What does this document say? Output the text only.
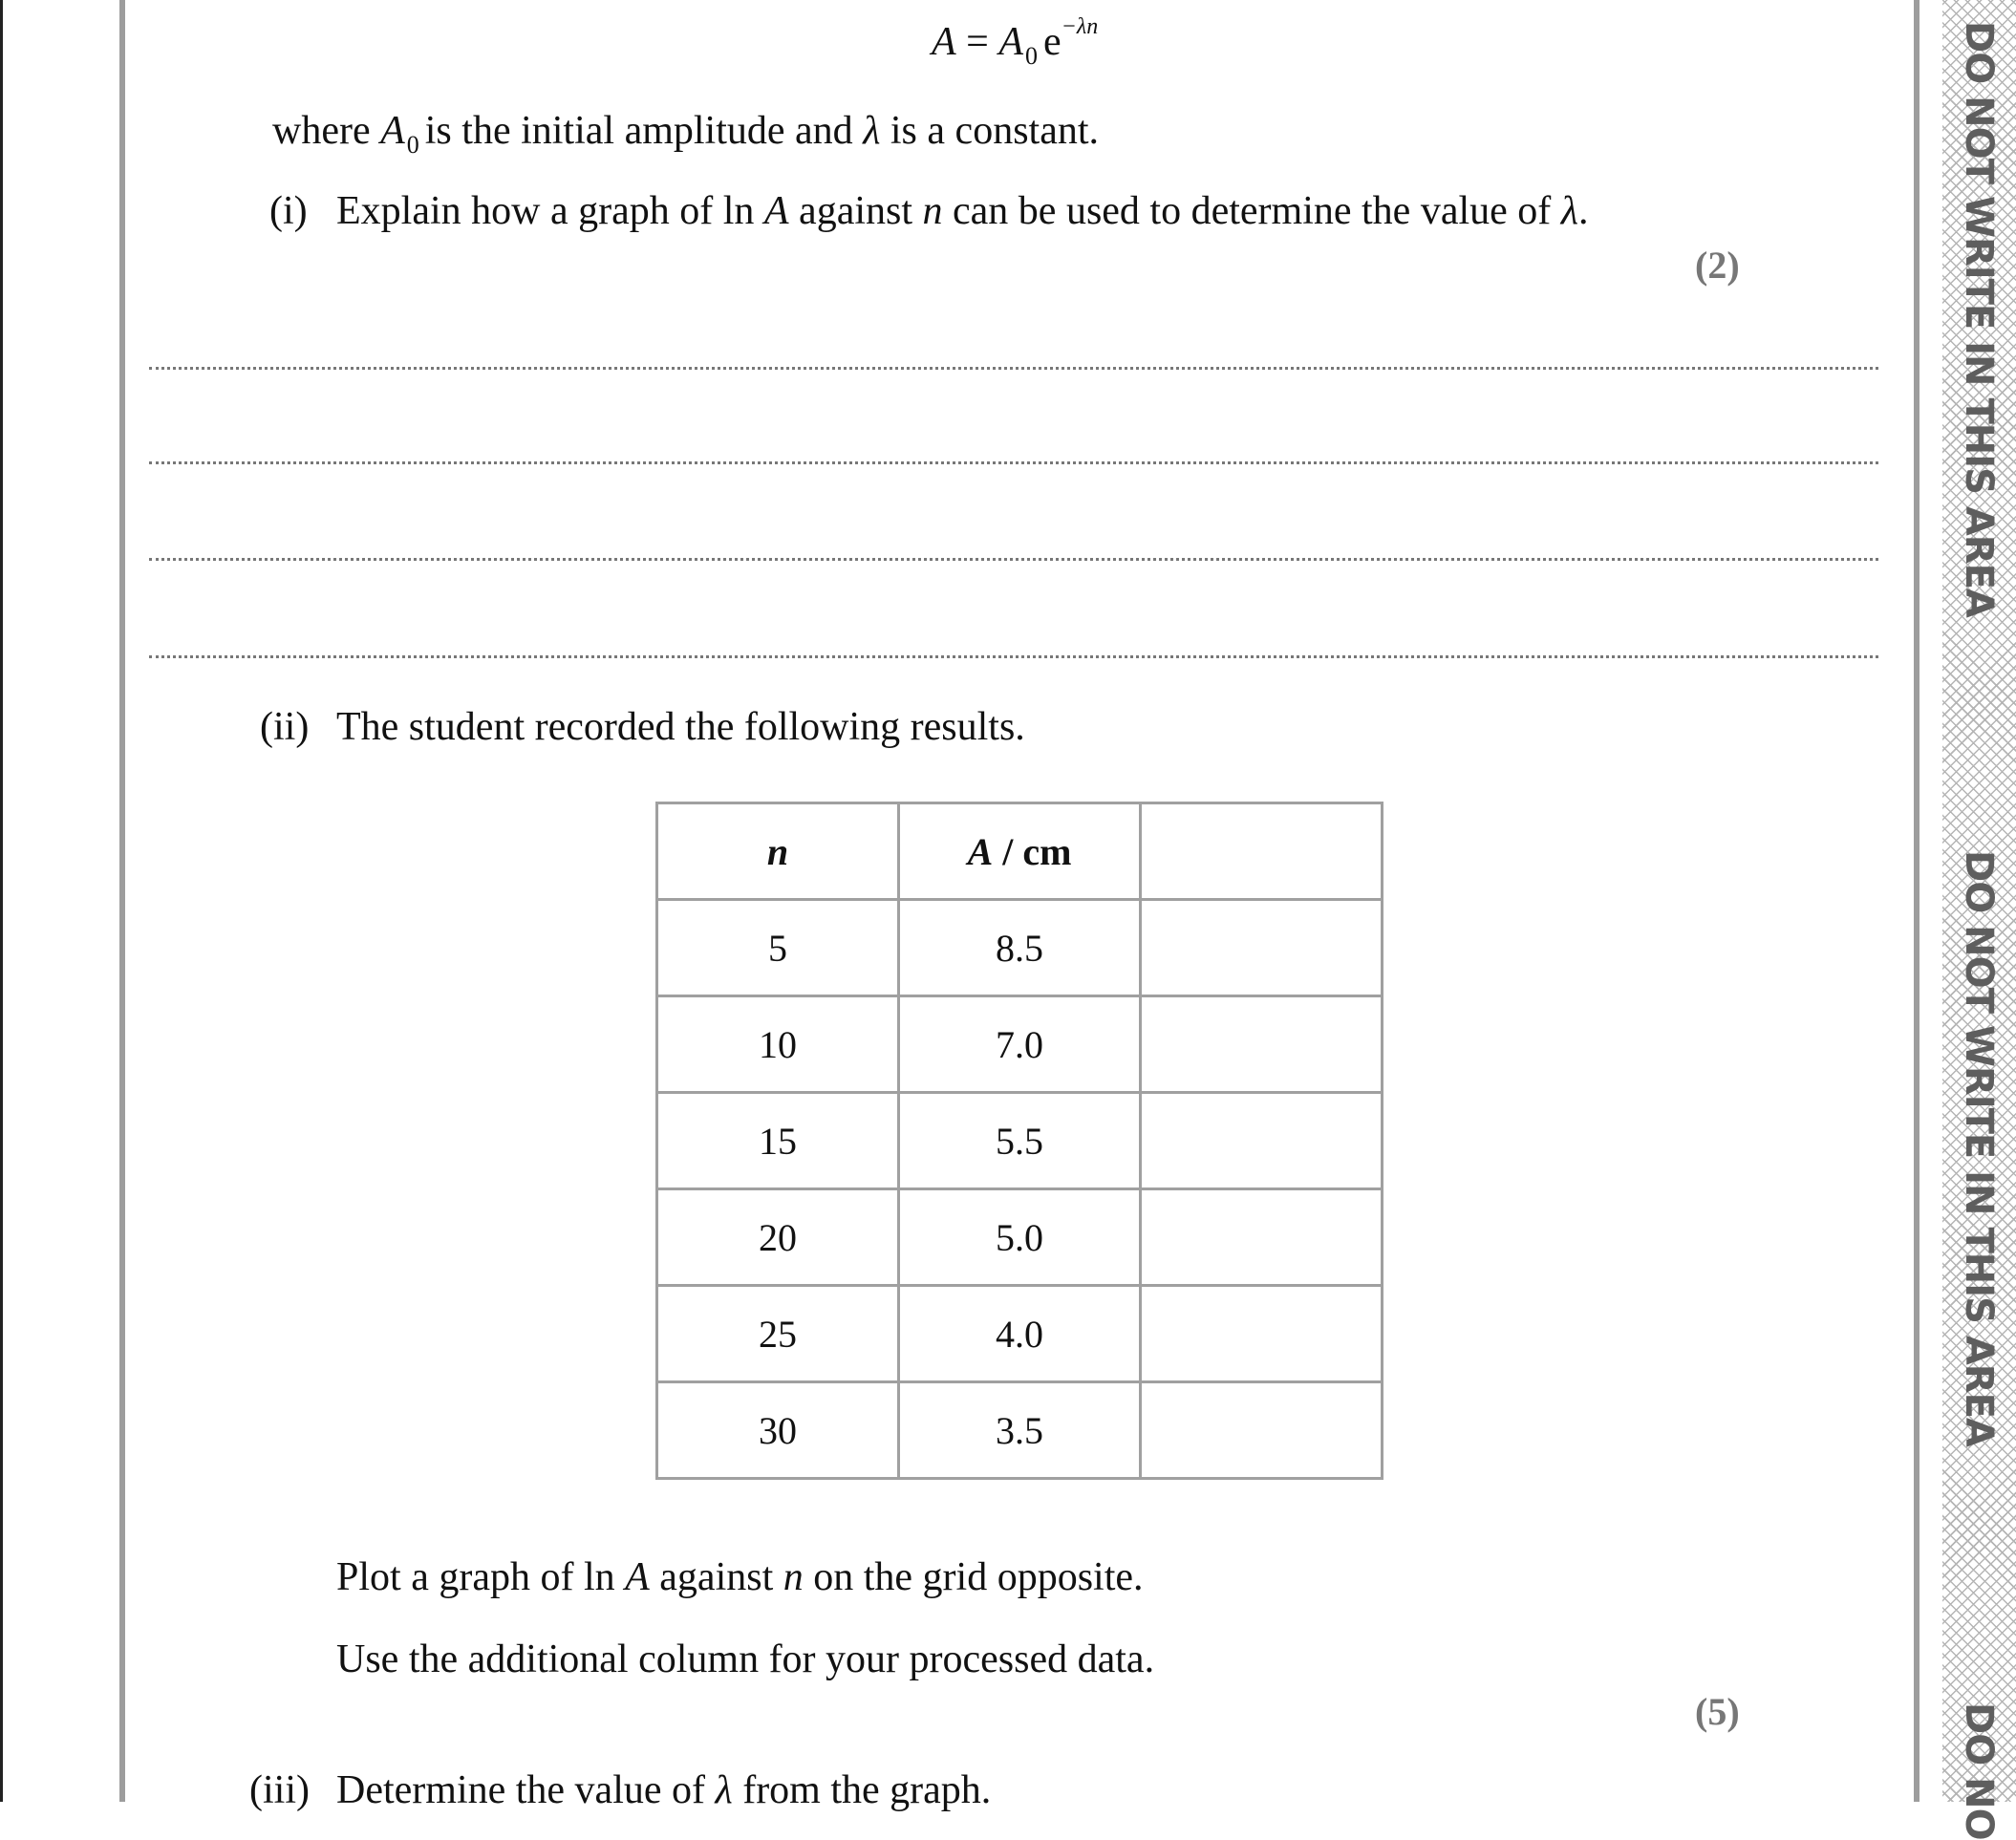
DO NOT WRITE IN THIS AREA
DO NOT WRITE IN THIS AREA
DO NO
$A = A_0$ $e^{-\lambda n}$
where $A_0$ is the initial amplitude and λ is a constant.
(i) Explain how a graph of ln A against n can be used to determine the value of λ.
(2)
(ii) The student recorded the following results.
n	A / cm	
5	8.5	
10	7.0	
15	5.5	
20	5.0	
25	4.0	
30	3.5	
Plot a graph of ln A against n on the grid opposite.
Use the additional column for your processed data.
(5)
(iii) Determine the value of λ from the graph.
